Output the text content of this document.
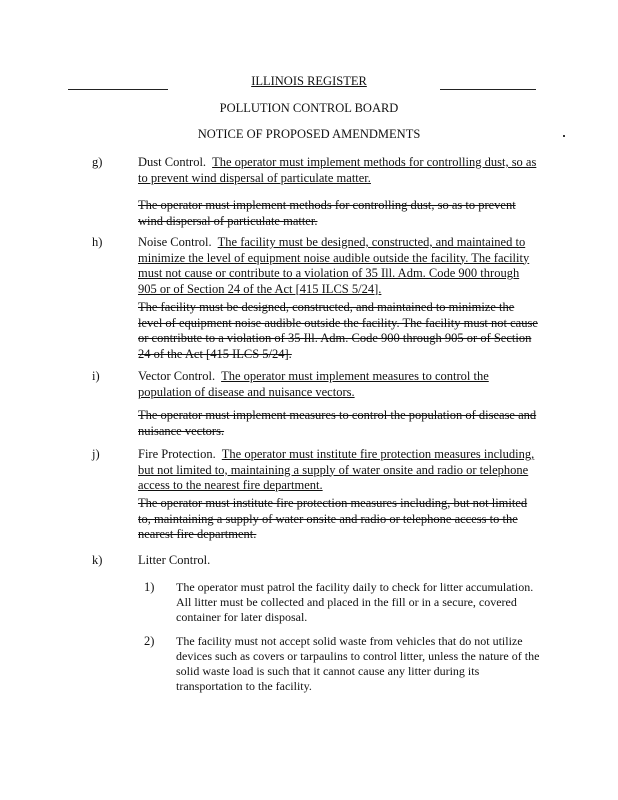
ILLINOIS REGISTER
POLLUTION CONTROL BOARD
NOTICE OF PROPOSED AMENDMENTS
g)	Dust Control. The operator must implement methods for controlling dust, so as to prevent wind dispersal of particulate matter.

The operator must implement methods for controlling dust, so as to prevent wind dispersal of particulate matter.

h)	Noise Control. The facility must be designed, constructed, and maintained to minimize the level of equipment noise audible outside the facility. The facility must not cause or contribute to a violation of 35 Ill. Adm. Code 900 through 905 or of Section 24 of the Act [415 ILCS 5/24].

The facility must be designed, constructed, and maintained to minimize the level of equipment noise audible outside the facility. The facility must not cause or contribute to a violation of 35 Ill. Adm. Code 900 through 905 or of Section 24 of the Act [415 ILCS 5/24].

i)	Vector Control. The operator must implement measures to control the population of disease and nuisance vectors.

The operator must implement measures to control the population of disease and nuisance vectors.

j)	Fire Protection. The operator must institute fire protection measures including, but not limited to, maintaining a supply of water onsite and radio or telephone access to the nearest fire department.

The operator must institute fire protection measures including, but not limited to, maintaining a supply of water onsite and radio or telephone access to the nearest fire department.

k)	Litter Control.

1) The operator must patrol the facility daily to check for litter accumulation. All litter must be collected and placed in the fill or in a secure, covered container for later disposal.

2) The facility must not accept solid waste from vehicles that do not utilize devices such as covers or tarpaulins to control litter, unless the nature of the solid waste load is such that it cannot cause any litter during its transportation to the facility.
